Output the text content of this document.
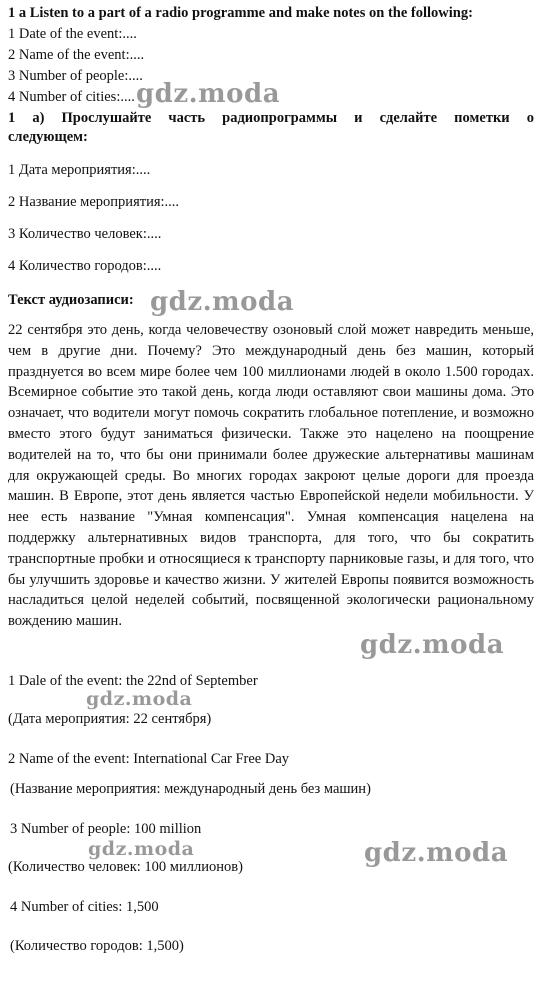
1 a Listen to a part of a radio programme and make notes on the following:
1 Date of the event:....
2 Name of the event:....
3 Number of people:....
4 Number of cities:....
1 а) Прослушайте часть радиопрограммы и сделайте пометки о
следующем:
1 Дата мероприятия:....
2 Название мероприятия:....
3 Количество человек:....
4 Количество городов:....
Текст аудиозаписи:
22 сентября это день, когда человечеству озоновый слой может навредить меньше, чем в другие дни. Почему? Это международный день без машин, который празднуется во всем мире более чем 100 миллионами людей в около 1.500 городах. Всемирное событие это такой день, когда люди оставляют свои машины дома. Это означает, что водители могут помочь сократить глобальное потепление, и возможно вместо этого будут заниматься физически. Также это нацелено на поощрение водителей на то, что бы они принимали более дружеские альтернативы машинам для окружающей среды. Во многих городах закроют целые дороги для проезда машин. В Европе, этот день является частью Европейской недели мобильности. У нее есть название "Умная компенсация". Умная компенсация нацелена на поддержку альтернативных видов транспорта, для того, что бы сократить транспортные пробки и относящиеся к транспорту парниковые газы, и для того, что бы улучшить здоровье и качество жизни. У жителей Европы появится возможность насладиться целой неделей событий, посвященной экологически рациональному вождению машин.
1 Dale of the event: the 22nd of September
(Дата мероприятия: 22 сентября)
2 Name of the event: International Car Free Day
(Название мероприятия: международный день без машин)
3 Number of people: 100 million
(Количество человек: 100 миллионов)
4 Number of cities: 1,500
(Количество городов: 1,500)
gdz.moda
gdz.moda
gdz.moda
gdz.moda
gdz.moda	gdz.moda
